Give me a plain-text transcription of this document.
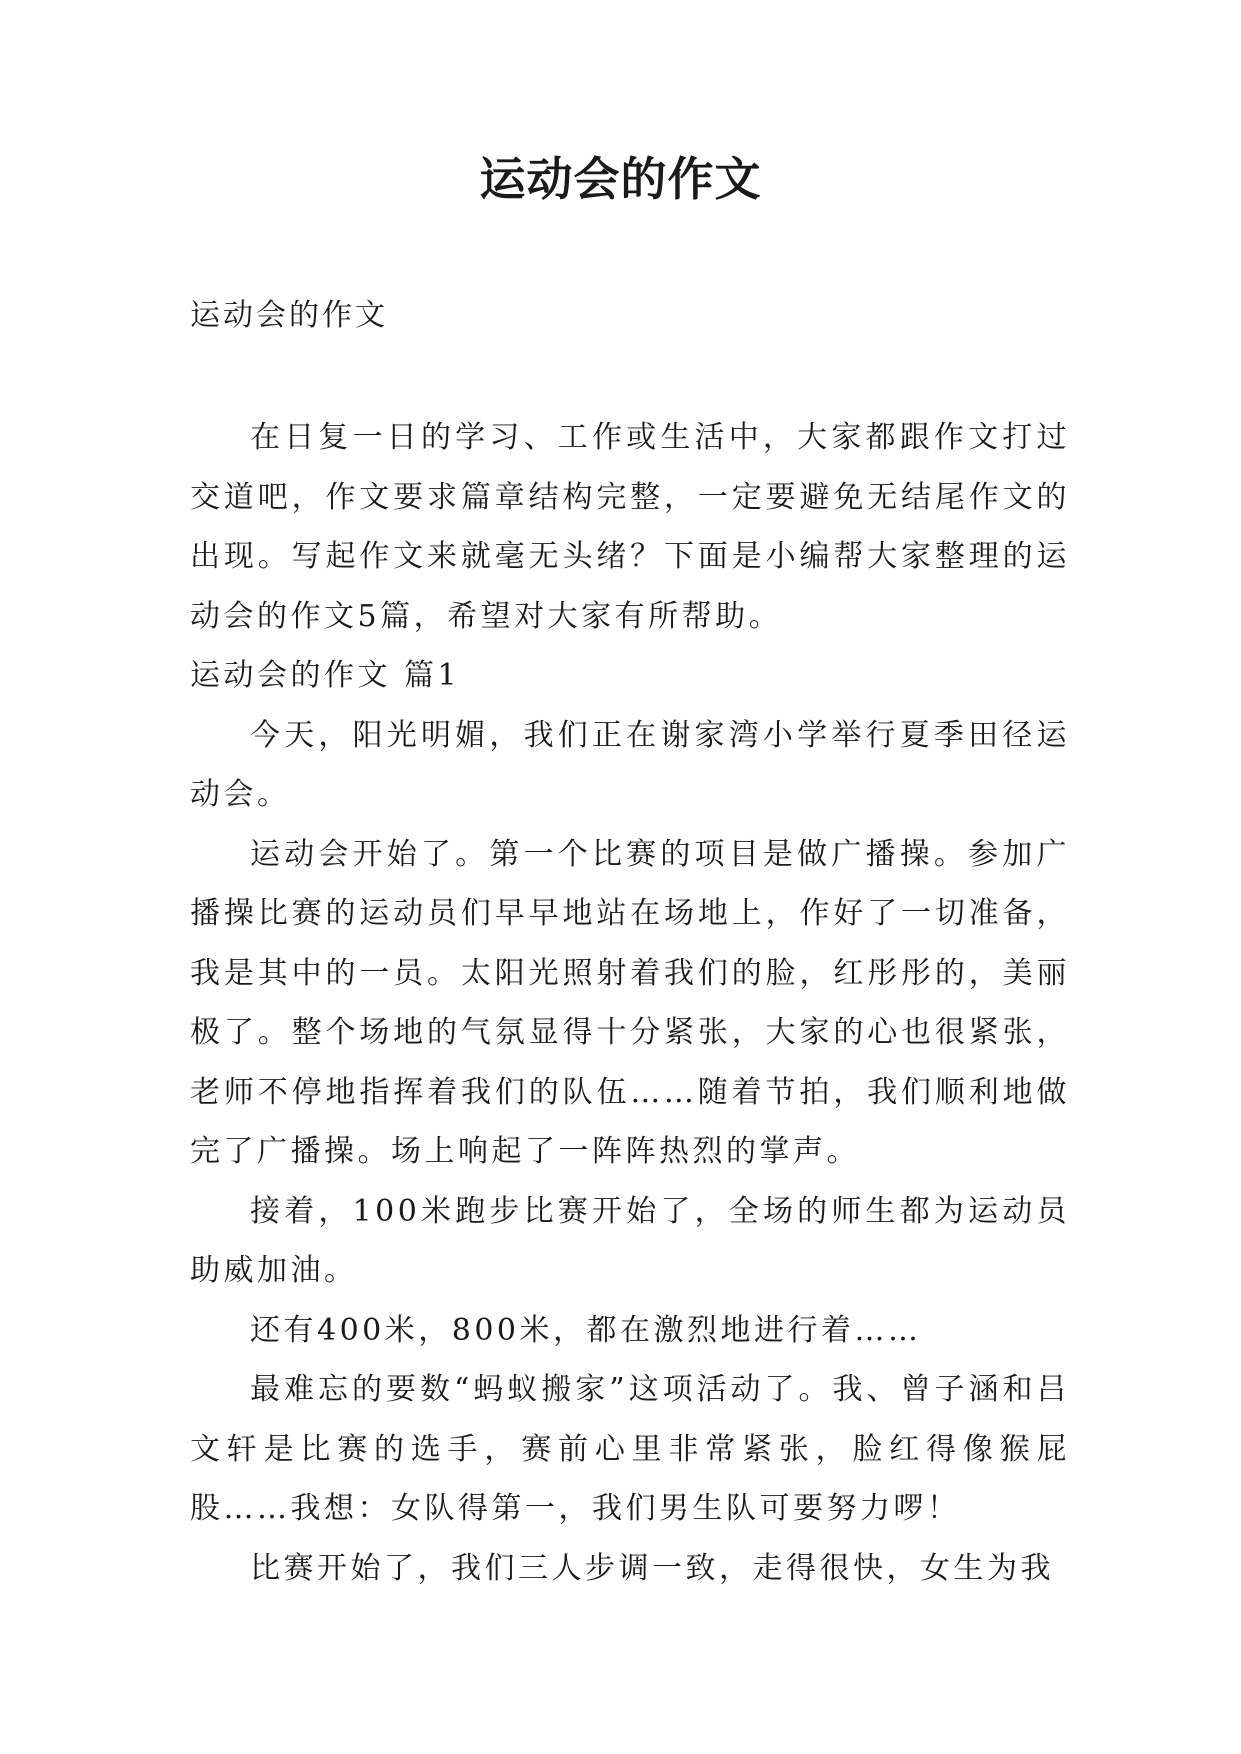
运动会的作文
运动会的作文

在日复一日的学习、工作或生活中，大家都跟作文打过交道吧，作文要求篇章结构完整，一定要避免无结尾作文的出现。写起作文来就毫无头绪？下面是小编帮大家整理的运动会的作文5篇，希望对大家有所帮助。

运动会的作文 篇1

今天，阳光明媚，我们正在谢家湾小学举行夏季田径运动会。

运动会开始了。第一个比赛的项目是做广播操。参加广播操比赛的运动员们早早地站在场地上，作好了一切准备，我是其中的一员。太阳光照射着我们的脸，红彤彤的，美丽极了。整个场地的气氛显得十分紧张，大家的心也很紧张，老师不停地指挥着我们的队伍……随着节拍，我们顺利地做完了广播操。场上响起了一阵阵热烈的掌声。

接着，100米跑步比赛开始了，全场的师生都为运动员助威加油。

还有400米，800米，都在激烈地进行着……

最难忘的要数“蚂蚁搬家”这项活动了。我、曾子涵和吕文轩是比赛的选手，赛前心里非常紧张，脸红得像猴屁股……我想：女队得第一，我们男生队可要努力啰！

比赛开始了，我们三人步调一致，走得很快，女生为我
